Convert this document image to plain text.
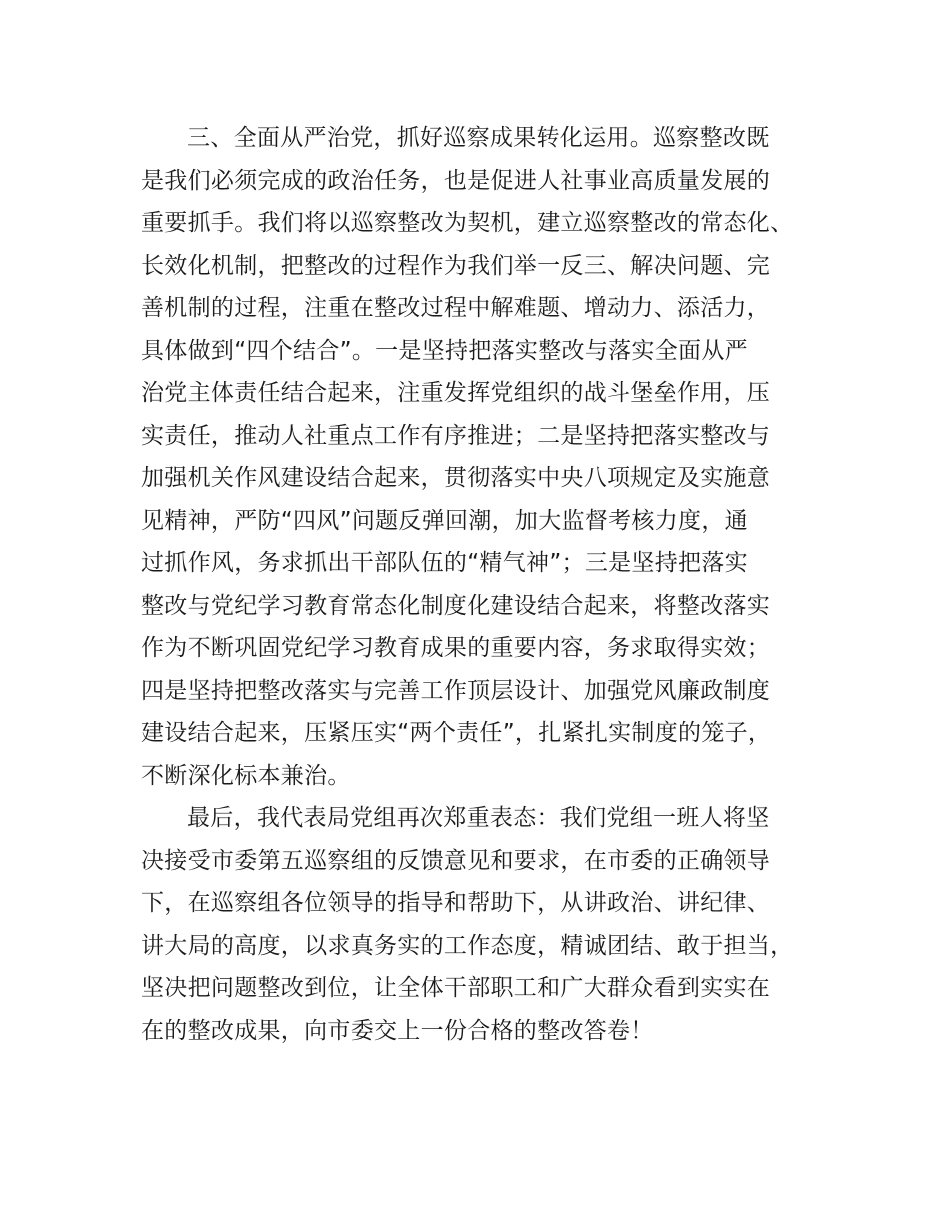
三、全面从严治党，抓好巡察成果转化运用。巡察整改既
是我们必须完成的政治任务，也是促进人社事业高质量发展的
重要抓手。我们将以巡察整改为契机，建立巡察整改的常态化、
长效化机制，把整改的过程作为我们举一反三、解决问题、完
善机制的过程，注重在整改过程中解难题、增动力、添活力，
具体做到“四个结合”。一是坚持把落实整改与落实全面从严
治党主体责任结合起来，注重发挥党组织的战斗堡垒作用，压
实责任，推动人社重点工作有序推进；二是坚持把落实整改与
加强机关作风建设结合起来，贯彻落实中央八项规定及实施意
见精神，严防“四风”问题反弹回潮，加大监督考核力度，通
过抓作风，务求抓出干部队伍的“精气神”；三是坚持把落实
整改与党纪学习教育常态化制度化建设结合起来，将整改落实
作为不断巩固党纪学习教育成果的重要内容，务求取得实效；
四是坚持把整改落实与完善工作顶层设计、加强党风廉政制度
建设结合起来，压紧压实“两个责任”，扎紧扎实制度的笼子，
不断深化标本兼治。
最后，我代表局党组再次郑重表态：我们党组一班人将坚
决接受市委第五巡察组的反馈意见和要求，在市委的正确领导
下，在巡察组各位领导的指导和帮助下，从讲政治、讲纪律、
讲大局的高度，以求真务实的工作态度，精诚团结、敢于担当，
坚决把问题整改到位，让全体干部职工和广大群众看到实实在
在的整改成果，向市委交上一份合格的整改答卷！
